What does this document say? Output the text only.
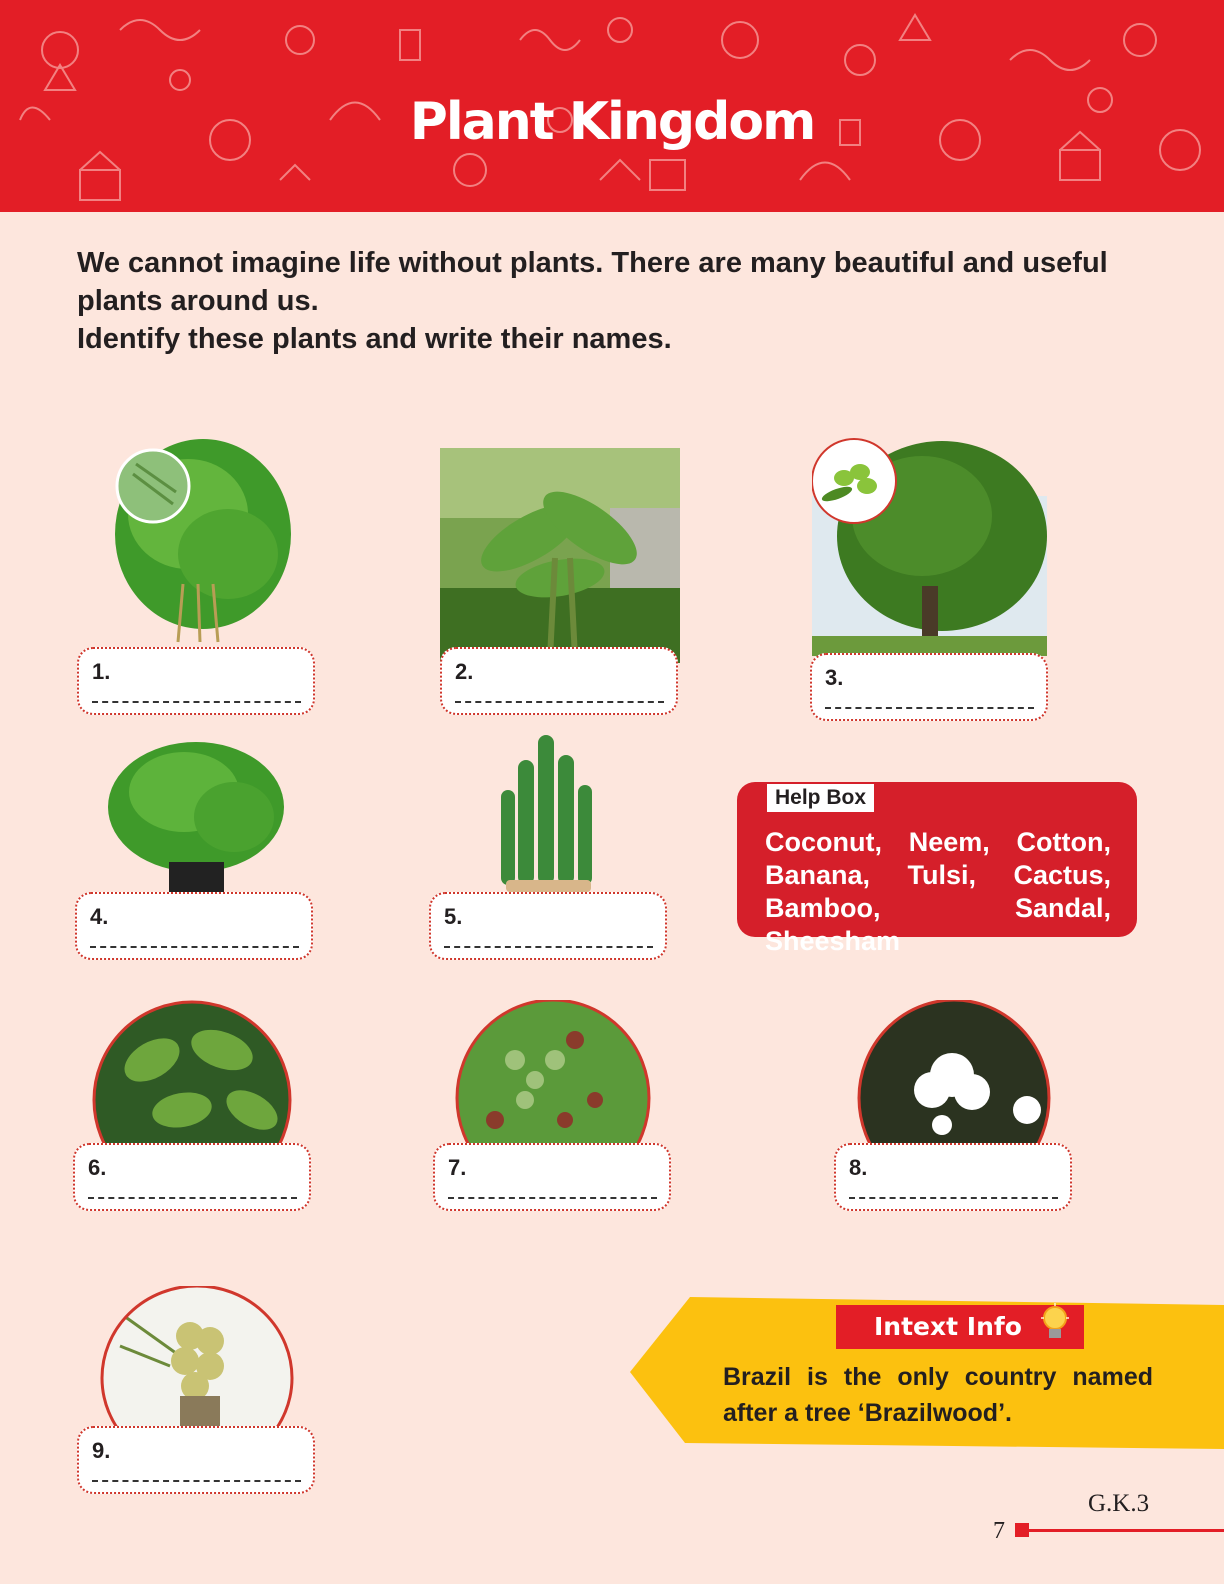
Plant Kingdom
We cannot imagine life without plants. There are many beautiful and useful
plants around us.
Identify these plants and write their names.
1.	2.	3.
4.	5.
Help Box
Coconut, Neem, Cotton,
Banana, Tulsi, Cactus,
Bamboo, Sandal, Sheesham
6.	7.	8.
9.
Intext Info
Brazil is the only country named after a tree ‘Brazilwood’.
G.K.3
7
